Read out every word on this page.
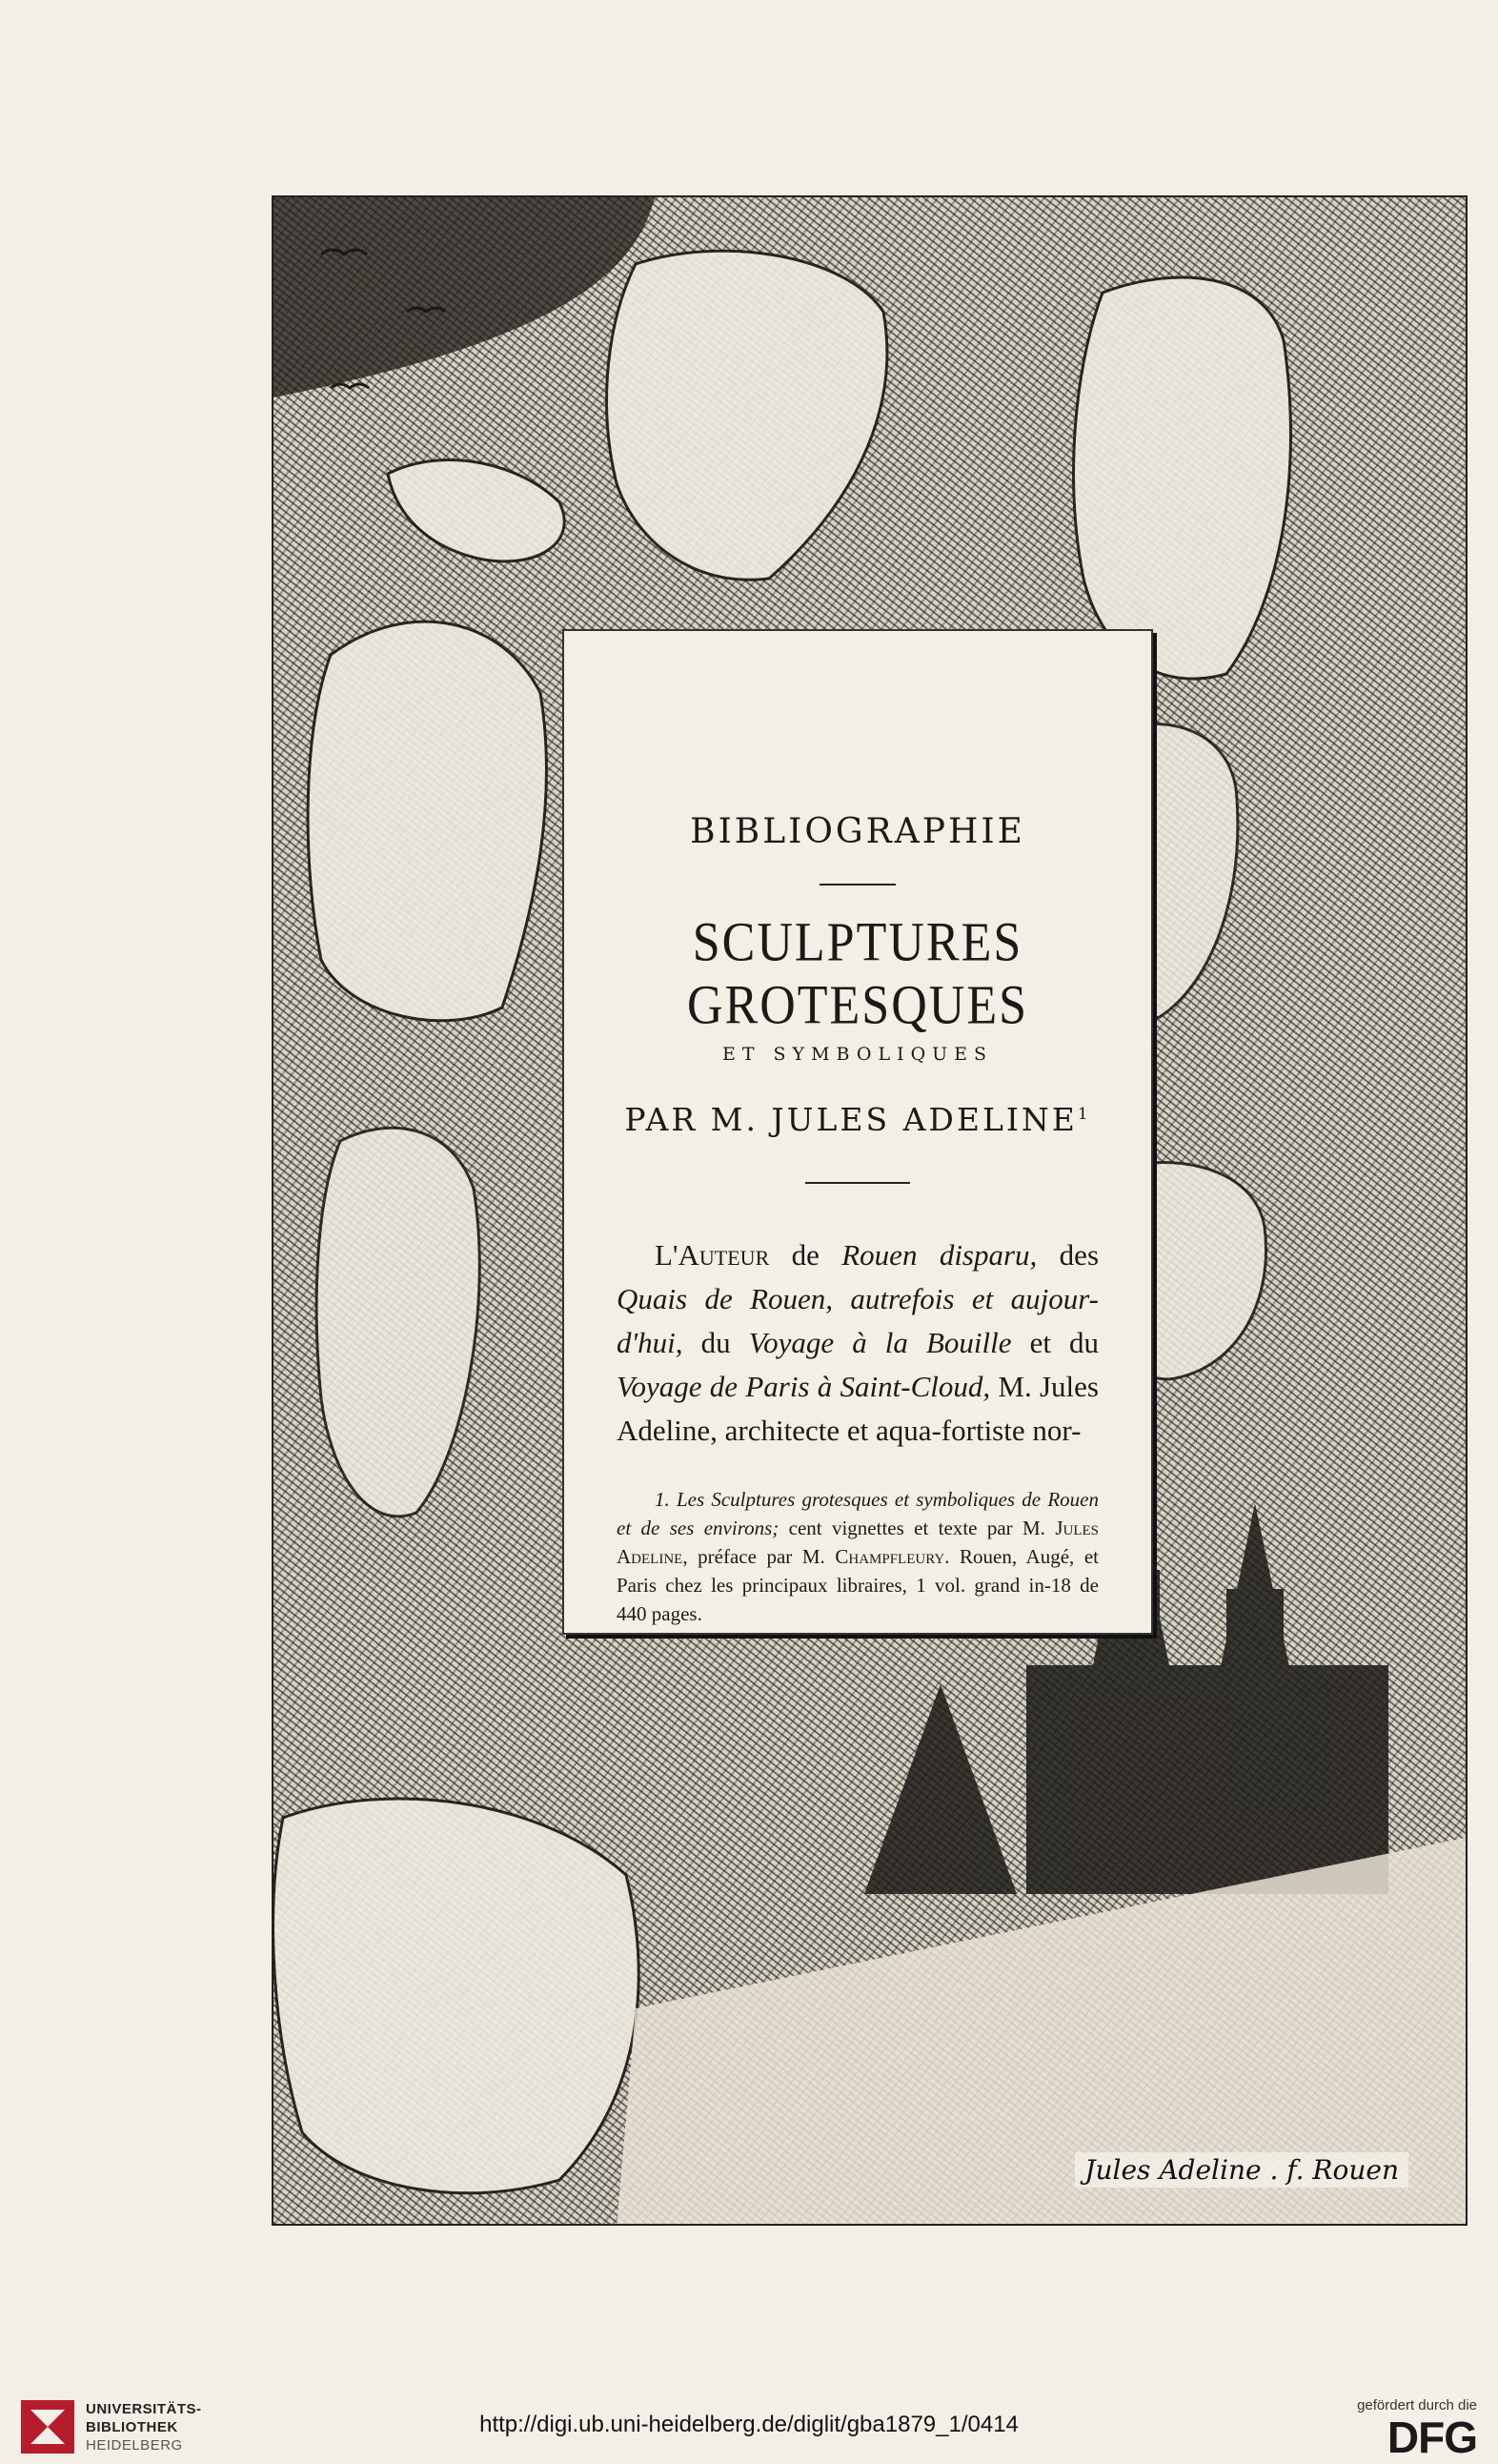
Jules Adeline . f. Rouen
BIBLIOGRAPHIE
SCULPTURES GROTESQUES
ET SYMBOLIQUES
PAR M. JULES ADELINE$^1$

L'Auteur de Rouen disparu, des Quais de Rouen, autrefois et aujour-d'hui, du Voyage à la Bouille et du Voyage de Paris à Saint-Cloud, M. Jules Adeline, architecte et aqua-fortiste nor-

1. Les Sculptures grotesques et symboliques de Rouen et de ses environs; cent vignettes et texte par M. Jules Adeline, préface par M. Champfleury. Rouen, Augé, et Paris chez les principaux libraires, 1 vol. grand in-18 de 440 pages.

UNIVERSITÄTS-
BIBLIOTHEK
HEIDELBERG
http://digi.ub.uni-heidelberg.de/diglit/gba1879_1/0414
gefördert durch die
DFG
